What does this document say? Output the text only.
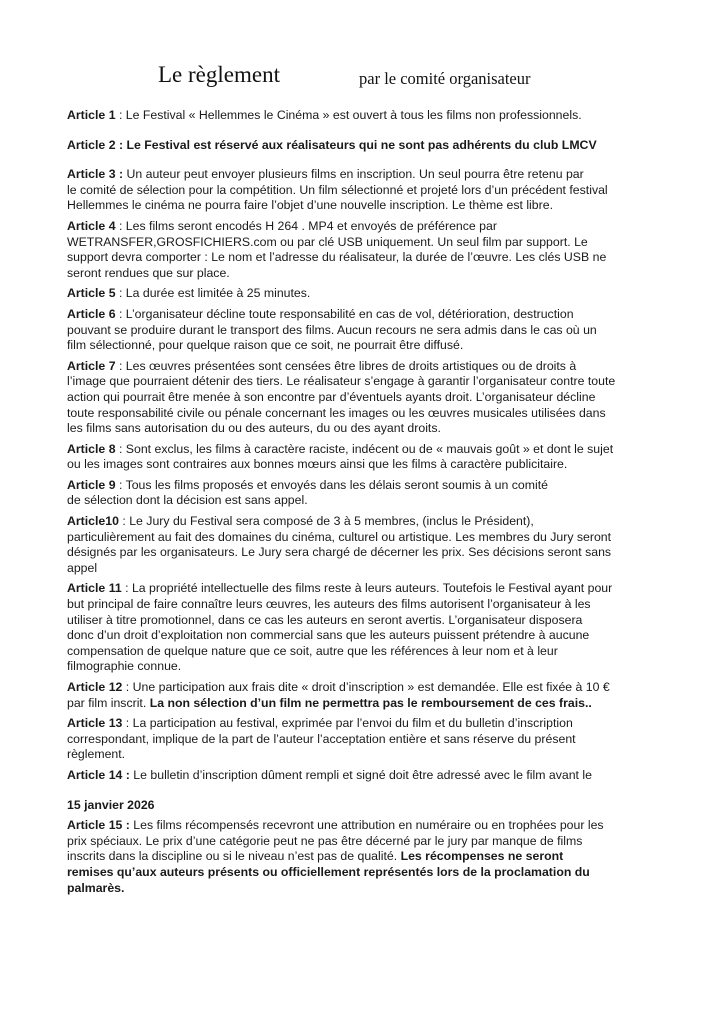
Le règlement	par le comité organisateur

Article 1 : Le Festival « Hellemmes le Cinéma » est ouvert à tous les films non professionnels.

Article 2 : Le Festival est réservé aux réalisateurs qui ne sont pas adhérents du club LMCV

Article 3 : Un auteur peut envoyer plusieurs films en inscription. Un seul pourra être retenu par
le comité de sélection pour la compétition. Un film sélectionné et projeté lors d’un précédent festival
Hellemmes le cinéma ne pourra faire l’objet d’une nouvelle inscription. Le thème est libre.

Article 4 : Les films seront encodés H 264 . MP4 et envoyés de préférence par
WETRANSFER,GROSFICHIERS.com ou par clé USB uniquement. Un seul film par support. Le
support devra comporter : Le nom et l’adresse du réalisateur, la durée de l’œuvre. Les clés USB ne
seront rendues que sur place.

Article 5 : La durée est limitée à 25 minutes.

Article 6 : L’organisateur décline toute responsabilité en cas de vol, détérioration, destruction
pouvant se produire durant le transport des films. Aucun recours ne sera admis dans le cas où un
film sélectionné, pour quelque raison que ce soit, ne pourrait être diffusé.

Article 7 : Les œuvres présentées sont censées être libres de droits artistiques ou de droits à
l’image que pourraient détenir des tiers. Le réalisateur s’engage à garantir l’organisateur contre toute
action qui pourrait être menée à son encontre par d’éventuels ayants droit. L’organisateur décline
toute responsabilité civile ou pénale concernant les images ou les œuvres musicales utilisées dans
les films sans autorisation du ou des auteurs, du ou des ayant droits.

Article 8 : Sont exclus, les films à caractère raciste, indécent ou de « mauvais goût » et dont le sujet
ou les images sont contraires aux bonnes mœurs ainsi que les films à caractère publicitaire.

Article 9 : Tous les films proposés et envoyés dans les délais seront soumis à un comité
de sélection dont la décision est sans appel.

Article10 : Le Jury du Festival sera composé de 3 à 5 membres, (inclus le Président),
particulièrement au fait des domaines du cinéma, culturel ou artistique. Les membres du Jury seront
désignés par les organisateurs. Le Jury sera chargé de décerner les prix. Ses décisions seront sans
appel

Article 11 : La propriété intellectuelle des films reste à leurs auteurs. Toutefois le Festival ayant pour
but principal de faire connaître leurs œuvres, les auteurs des films autorisent l’organisateur à les
utiliser à titre promotionnel, dans ce cas les auteurs en seront avertis. L’organisateur disposera
donc d’un droit d’exploitation non commercial sans que les auteurs puissent prétendre à aucune
compensation de quelque nature que ce soit, autre que les références à leur nom et à leur
filmographie connue.

Article 12 : Une participation aux frais dite « droit d’inscription » est demandée. Elle est fixée à 10 €
par film inscrit. La non sélection d’un film ne permettra pas le remboursement de ces frais..

Article 13 : La participation au festival, exprimée par l’envoi du film et du bulletin d’inscription
correspondant, implique de la part de l’auteur l’acceptation entière et sans réserve du présent
règlement.

Article 14 : Le bulletin d’inscription dûment rempli et signé doit être adressé avec le film avant le

15 janvier 2026

Article 15 : Les films récompensés recevront une attribution en numéraire ou en trophées pour les
prix spéciaux. Le prix d’une catégorie peut ne pas être décerné par le jury par manque de films
inscrits dans la discipline ou si le niveau n’est pas de qualité. Les récompenses ne seront
remises qu’aux auteurs présents ou officiellement représentés lors de la proclamation du
palmarès.
